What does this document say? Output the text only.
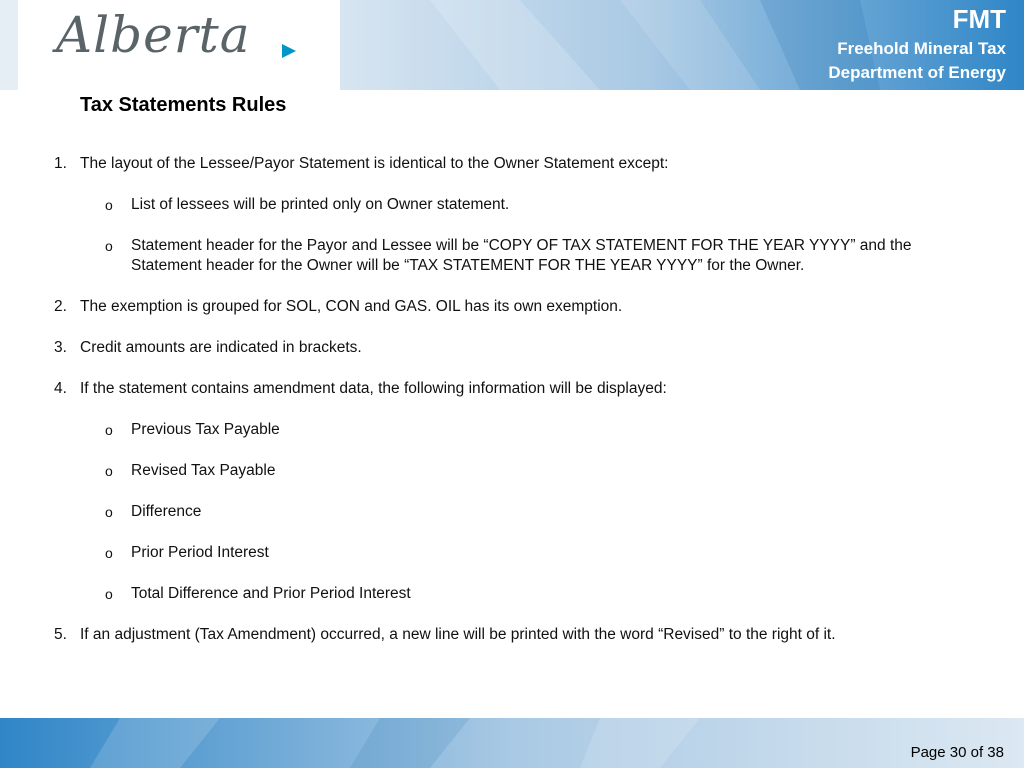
Alberta	FMT
Freehold Mineral Tax
Department of Energy
Tax Statements Rules
1. The layout of the Lessee/Payor Statement is identical to the Owner Statement except:
o List of lessees will be printed only on Owner statement.
o Statement header for the Payor and Lessee will be “COPY OF TAX STATEMENT FOR THE YEAR YYYY” and the Statement header for the Owner will be “TAX STATEMENT FOR THE YEAR YYYY” for the Owner.
2. The exemption is grouped for SOL, CON and GAS. OIL has its own exemption.
3. Credit amounts are indicated in brackets.
4. If the statement contains amendment data, the following information will be displayed:
o Previous Tax Payable
o Revised Tax Payable
o Difference
o Prior Period Interest
o Total Difference and Prior Period Interest
5. If an adjustment (Tax Amendment) occurred, a new line will be printed with the word “Revised” to the right of it.
Page 30 of 38
